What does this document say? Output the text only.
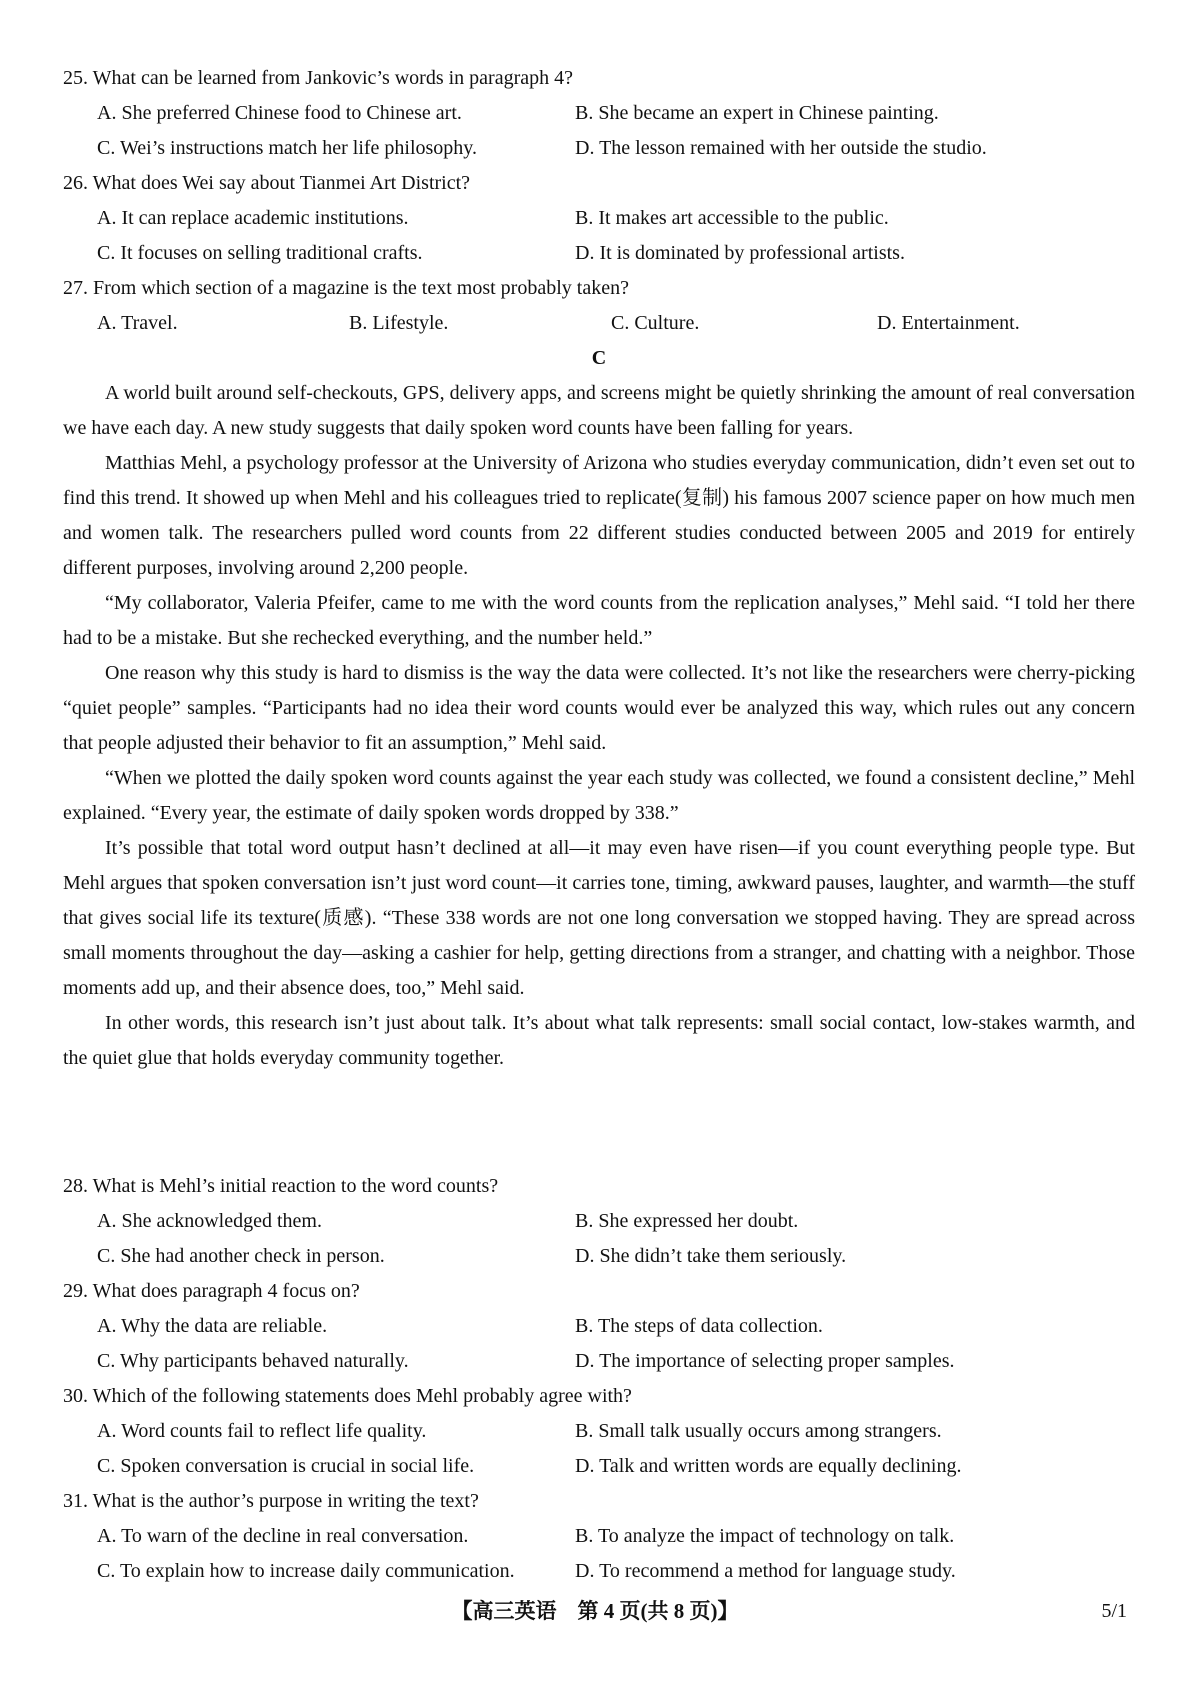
25. What can be learned from Jankovic’s words in paragraph 4?
A. She preferred Chinese food to Chinese art.	B. She became an expert in Chinese painting.
C. Wei’s instructions match her life philosophy.	D. The lesson remained with her outside the studio.
26. What does Wei say about Tianmei Art District?
A. It can replace academic institutions.	B. It makes art accessible to the public.
C. It focuses on selling traditional crafts.	D. It is dominated by professional artists.
27. From which section of a magazine is the text most probably taken?
A. Travel.	B. Lifestyle.	C. Culture.	D. Entertainment.
C

A world built around self-checkouts, GPS, delivery apps, and screens might be quietly shrinking the amount of real conversation we have each day. A new study suggests that daily spoken word counts have been falling for years.

Matthias Mehl, a psychology professor at the University of Arizona who studies everyday communication, didn’t even set out to find this trend. It showed up when Mehl and his colleagues tried to replicate(复制) his famous 2007 science paper on how much men and women talk. The researchers pulled word counts from 22 different studies conducted between 2005 and 2019 for entirely different purposes, involving around 2,200 people.

“My collaborator, Valeria Pfeifer, came to me with the word counts from the replication analyses,” Mehl said. “I told her there had to be a mistake. But she rechecked everything, and the number held.”

One reason why this study is hard to dismiss is the way the data were collected. It’s not like the researchers were cherry-picking “quiet people” samples. “Participants had no idea their word counts would ever be analyzed this way, which rules out any concern that people adjusted their behavior to fit an assumption,” Mehl said.

“When we plotted the daily spoken word counts against the year each study was collected, we found a consistent decline,” Mehl explained. “Every year, the estimate of daily spoken words dropped by 338.”

It’s possible that total word output hasn’t declined at all—it may even have risen—if you count everything people type. But Mehl argues that spoken conversation isn’t just word count—it carries tone, timing, awkward pauses, laughter, and warmth—the stuff that gives social life its texture(质感). “These 338 words are not one long conversation we stopped having. They are spread across small moments throughout the day—asking a cashier for help, getting directions from a stranger, and chatting with a neighbor. Those moments add up, and their absence does, too,” Mehl said.

In other words, this research isn’t just about talk. It’s about what talk represents: small social contact, low-stakes warmth, and the quiet glue that holds everyday community together.

28. What is Mehl’s initial reaction to the word counts?
A. She acknowledged them.	B. She expressed her doubt.
C. She had another check in person.	D. She didn’t take them seriously.
29. What does paragraph 4 focus on?
A. Why the data are reliable.	B. The steps of data collection.
C. Why participants behaved naturally.	D. The importance of selecting proper samples.
30. Which of the following statements does Mehl probably agree with?
A. Word counts fail to reflect life quality.	B. Small talk usually occurs among strangers.
C. Spoken conversation is crucial in social life.	D. Talk and written words are equally declining.
31. What is the author’s purpose in writing the text?
A. To warn of the decline in real conversation.	B. To analyze the impact of technology on talk.
C. To explain how to increase daily communication.	D. To recommend a method for language study.
【高三英语　第 4 页(共 8 页)】	5/1
